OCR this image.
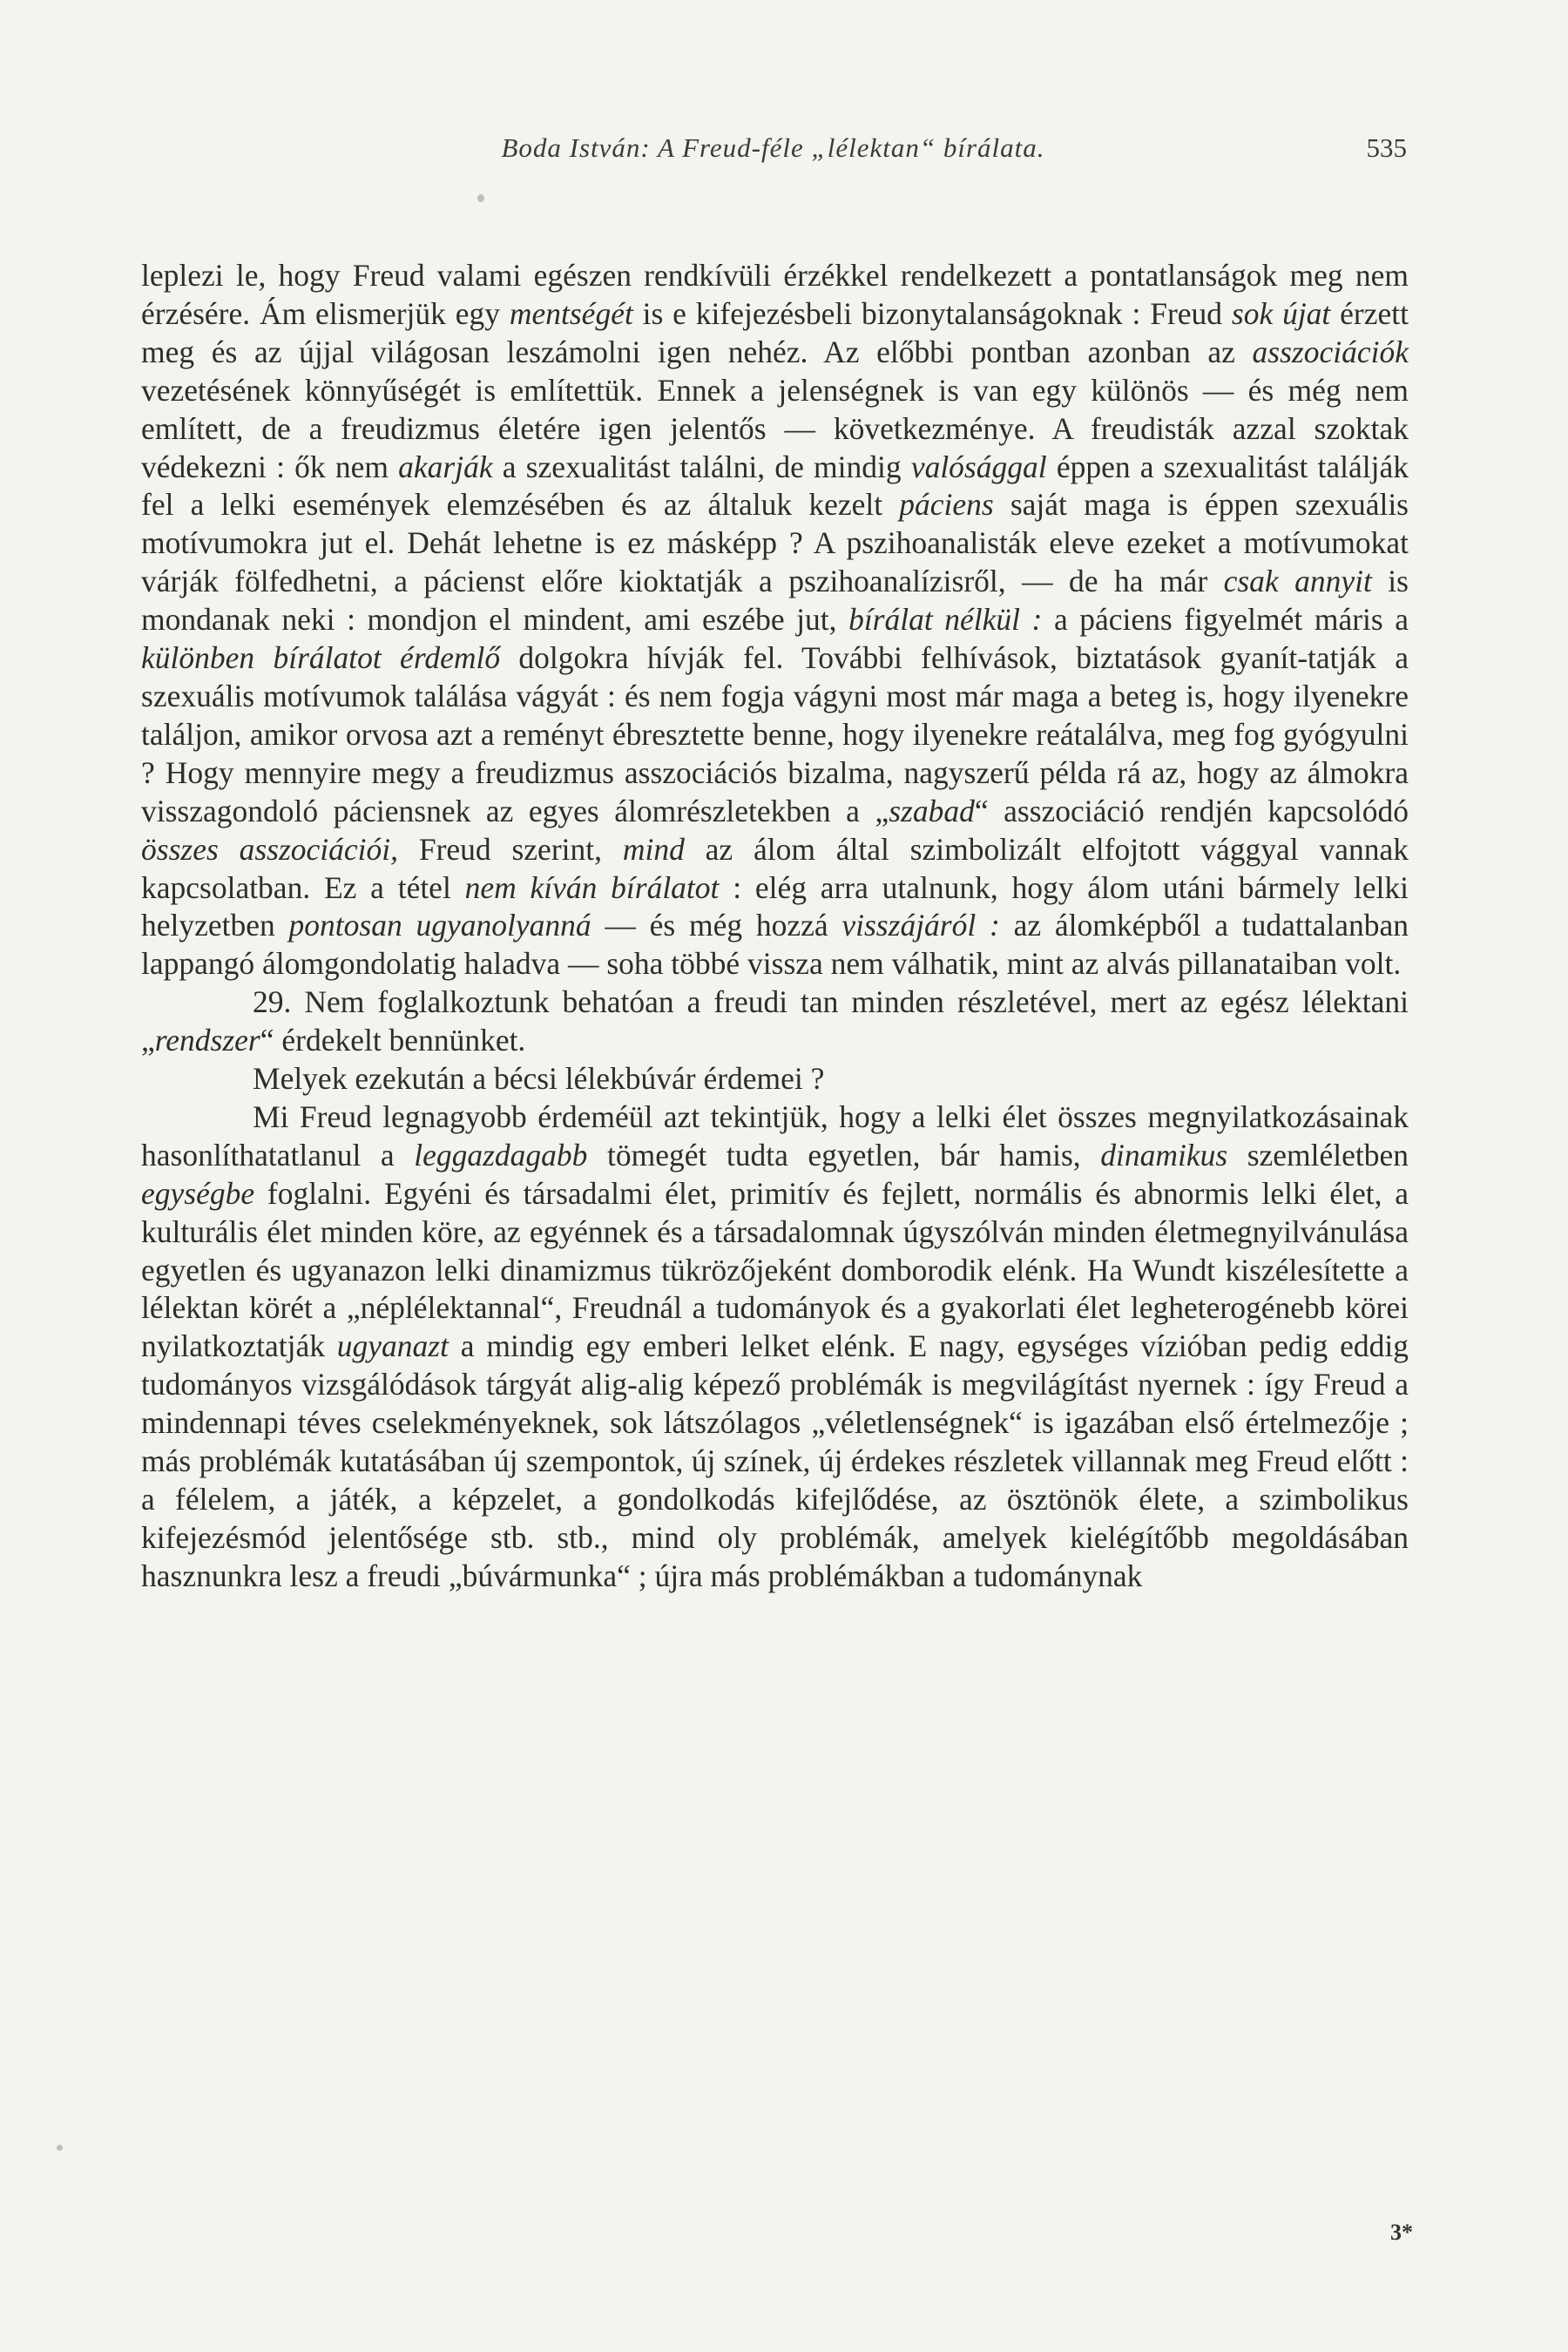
Boda István: A Freud-féle „lélektan“ bírálata.	535

leplezi le, hogy Freud valami egészen rendkívüli érzékkel rendelkezett a pontatlanságok meg nem érzésére. Ám elismerjük egy mentségét is e kifejezésbeli bizonytalanságoknak : Freud sok újat érzett meg és az újjal világosan leszámolni igen nehéz. Az előbbi pontban azonban az asszociációk vezetésének könnyűségét is említettük. Ennek a jelenségnek is van egy különös — és még nem említett, de a freudizmus életére igen jelentős — következménye. A freudisták azzal szoktak védekezni : ők nem akarják a szexualitást találni, de mindig valósággal éppen a szexualitást találják fel a lelki események elemzésében és az általuk kezelt páciens saját maga is éppen szexuális motívumokra jut el. Dehát lehetne is ez másképp ? A pszihoanalisták eleve ezeket a motívumokat várják fölfedhetni, a pácienst előre kioktatják a pszihoanalízisről, — de ha már csak annyit is mondanak neki : mondjon el mindent, ami eszébe jut, bírálat nélkül : a páciens figyelmét máris a különben bírálatot érdemlő dolgokra hívják fel. További felhívások, biztatások gyanít-tatják a szexuális motívumok találása vágyát : és nem fogja vágyni most már maga a beteg is, hogy ilyenekre találjon, amikor orvosa azt a reményt ébresztette benne, hogy ilyenekre reátalálva, meg fog gyógyulni ? Hogy mennyire megy a freudizmus asszociációs bizalma, nagyszerű példa rá az, hogy az álmokra visszagondoló páciensnek az egyes álomrészletekben a „szabad“ asszociáció rendjén kapcsolódó összes asszociációi, Freud szerint, mind az álom által szimbolizált elfojtott vággyal vannak kapcsolatban. Ez a tétel nem kíván bírálatot : elég arra utalnunk, hogy álom utáni bármely lelki helyzetben pontosan ugyanolyanná — és még hozzá visszájáról : az álomképből a tudattalanban lappangó álomgondolatig haladva — soha többé vissza nem válhatik, mint az alvás pillanataiban volt.

29. Nem foglalkoztunk behatóan a freudi tan minden részletével, mert az egész lélektani „rendszer“ érdekelt bennünket.

Melyek ezekután a bécsi lélekbúvár érdemei ?

Mi Freud legnagyobb érdeméül azt tekintjük, hogy a lelki élet összes megnyilatkozásainak hasonlíthatatlanul a leggazdagabb tömegét tudta egyetlen, bár hamis, dinamikus szemléletben egységbe foglalni. Egyéni és társadalmi élet, primitív és fejlett, normális és abnormis lelki élet, a kulturális élet minden köre, az egyénnek és a társadalomnak úgyszólván minden életmegnyilvánulása egyetlen és ugyanazon lelki dinamizmus tükrözőjeként domborodik elénk. Ha Wundt kiszélesítette a lélektan körét a „néplélektannal“, Freudnál a tudományok és a gyakorlati élet legheterogénebb körei nyilatkoztatják ugyanazt a mindig egy emberi lelket elénk. E nagy, egységes vízióban pedig eddig tudományos vizsgálódások tárgyát alig-alig képező problémák is megvilágítást nyernek : így Freud a mindennapi téves cselekményeknek, sok látszólagos „véletlenségnek“ is igazában első értelmezője ; más problémák kutatásában új szempontok, új színek, új érdekes részletek villannak meg Freud előtt : a félelem, a játék, a képzelet, a gondolkodás kifejlődése, az ösztönök élete, a szimbolikus kifejezésmód jelentősége stb. stb., mind oly problémák, amelyek kielégítőbb megoldásában hasznunkra lesz a freudi „búvármunka“ ; újra más problémákban a tudománynak

3*
